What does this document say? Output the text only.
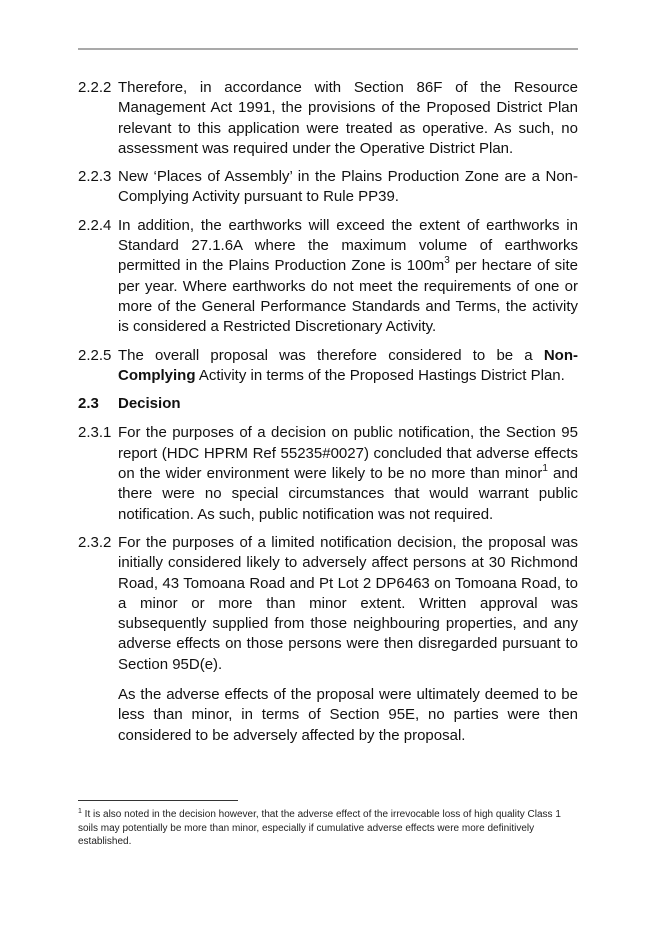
2.2.2 Therefore, in accordance with Section 86F of the Resource Management Act 1991, the provisions of the Proposed District Plan relevant to this application were treated as operative. As such, no assessment was required under the Operative District Plan.
2.2.3 New ‘Places of Assembly’ in the Plains Production Zone are a Non-Complying Activity pursuant to Rule PP39.
2.2.4 In addition, the earthworks will exceed the extent of earthworks in Standard 27.1.6A where the maximum volume of earthworks permitted in the Plains Production Zone is $100m^3$ per hectare of site per year. Where earthworks do not meet the requirements of one or more of the General Performance Standards and Terms, the activity is considered a Restricted Discretionary Activity.
2.2.5 The overall proposal was therefore considered to be a Non-Complying Activity in terms of the Proposed Hastings District Plan.
2.3	Decision
2.3.1 For the purposes of a decision on public notification, the Section 95 report (HDC HPRM Ref 55235#0027) concluded that adverse effects on the wider environment were likely to be no more than minor$^1$ and there were no special circumstances that would warrant public notification. As such, public notification was not required.
2.3.2 For the purposes of a limited notification decision, the proposal was initially considered likely to adversely affect persons at 30 Richmond Road, 43 Tomoana Road and Pt Lot 2 DP6463 on Tomoana Road, to a minor or more than minor extent. Written approval was subsequently supplied from those neighbouring properties, and any adverse effects on those persons were then disregarded pursuant to Section 95D(e).
As the adverse effects of the proposal were ultimately deemed to be less than minor, in terms of Section 95E, no parties were then considered to be adversely affected by the proposal.
$^1$ It is also noted in the decision however, that the adverse effect of the irrevocable loss of high quality Class 1 soils may potentially be more than minor, especially if cumulative adverse effects were more definitively established.
